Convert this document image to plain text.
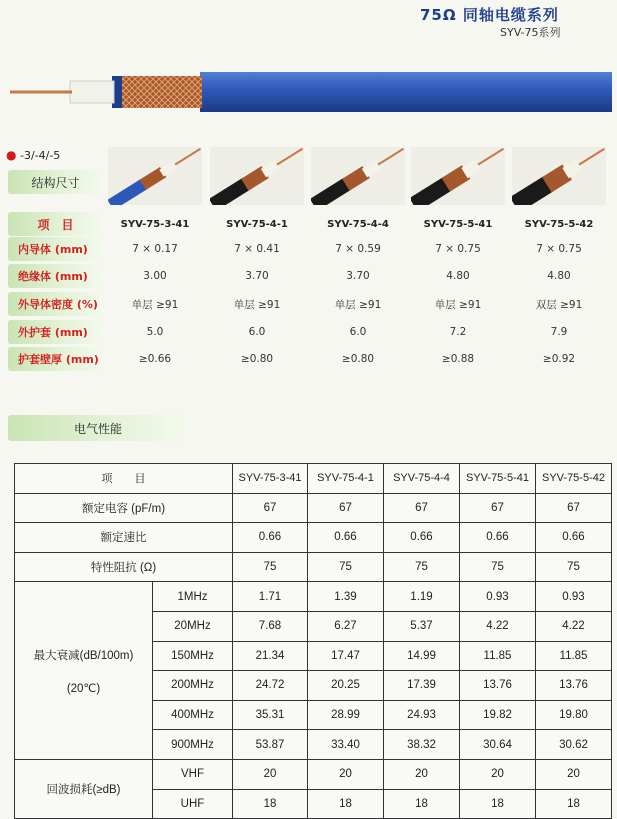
75Ω 同轴电缆系列
SYV-75系列
● -3/-4/-5
结构尺寸
项　目	SYV-75-3-41	SYV-75-4-1	SYV-75-4-4	SYV-75-5-41	SYV-75-5-42
内导体 (mm)	7 × 0.17	7 × 0.41	7 × 0.59	7 × 0.75	7 × 0.75
绝缘体 (mm)	3.00	3.70	3.70	4.80	4.80
外导体密度 (%)	单层 ≥91	单层 ≥91	单层 ≥91	单层 ≥91	双层 ≥91
外护套 (mm)	5.0	6.0	6.0	7.2	7.9
护套壁厚 (mm)	≥0.66	≥0.80	≥0.80	≥0.88	≥0.92
电气性能
项　　目		SYV-75-3-41	SYV-75-4-1	SYV-75-4-4	SYV-75-5-41	SYV-75-5-42
额定电容 (pF/m)		67	67	67	67	67
额定速比		0.66	0.66	0.66	0.66	0.66
特性阻抗 (Ω)		75	75	75	75	75

最大衰减(dB/100m)
(20℃)	1MHz	1.71	1.39	1.19	0.93	0.93
	20MHz	7.68	6.27	5.37	4.22	4.22
	150MHz	21.34	17.47	14.99	11.85	11.85
	200MHz	24.72	20.25	17.39	13.76	13.76
	400MHz	35.31	28.99	24.93	19.82	19.80
	900MHz	53.87	33.40	38.32	30.64	30.62
回波损耗(≥dB)	VHF	20	20	20	20	20
	UHF	18	18	18	18	18
